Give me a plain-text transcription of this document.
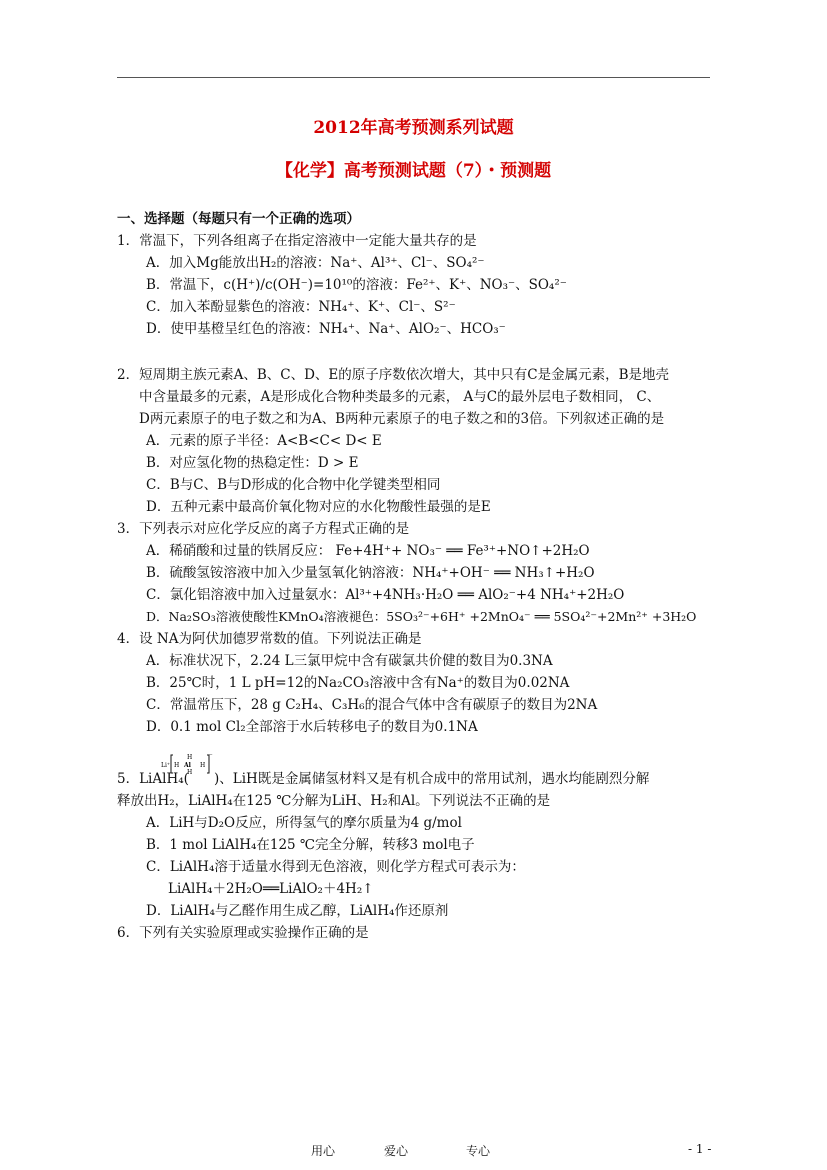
2012年高考预测系列试题
【化学】高考预测试题（7）・预测题
一、选择题（每题只有一个正确的选项）
1．常温下，下列各组离子在指定溶液中一定能大量共存的是
A．加入Mg能放出H₂的溶液：Na⁺、Al³⁺、Cl⁻、SO₄²⁻
B．常温下，c(H⁺)/c(OH⁻)=10¹⁰的溶液：Fe²⁺、K⁺、NO₃⁻、SO₄²⁻
C．加入苯酚显紫色的溶液：NH₄⁺、K⁺、Cl⁻、S²⁻
D．使甲基橙呈红色的溶液：NH₄⁺、Na⁺、AlO₂⁻、HCO₃⁻
2．短周期主族元素A、B、C、D、E的原子序数依次增大，其中只有C是金属元素，B是地壳
中含量最多的元素，A是形成化合物种类最多的元素， A与C的最外层电子数相同， C、
D两元素原子的电子数之和为A、B两种元素原子的电子数之和的3倍。下列叙述正确的是
A．元素的原子半径：A<B<C< D< E
B．对应氢化物的热稳定性：D > E
C．B与C、B与D形成的化合物中化学键类型相同
D．五种元素中最高价氧化物对应的水化物酸性最强的是E
3．下列表示对应化学反应的离子方程式正确的是
A．稀硝酸和过量的铁屑反应： Fe+4H⁺+ NO₃⁻ ══ Fe³⁺+NO↑+2H₂O
B．硫酸氢铵溶液中加入少量氢氧化钠溶液：NH₄⁺+OH⁻ ══ NH₃↑+H₂O
C．氯化铝溶液中加入过量氨水：Al³⁺+4NH₃·H₂O ══ AlO₂⁻+4 NH₄⁺+2H₂O
D．Na₂SO₃溶液使酸性KMnO₄溶液褪色：5SO₃²⁻+6H⁺ +2MnO₄⁻ ══ 5SO₄²⁻+2Mn²⁺ +3H₂O
4．设 NA为阿伏加德罗常数的值。下列说法正确是
A．标准状况下，2.24 L三氯甲烷中含有碳氯共价健的数目为0.3NA
B．25℃时，1 L pH=12的Na₂CO₃溶液中含有Na⁺的数目为0.02NA
C．常温常压下，28 g C₂H₄、C₃H₆的混合气体中含有碳原子的数目为2NA
D．0.1 mol Cl₂全部溶于水后转移电子的数目为0.1NA
5．LiAlH₄(
Li⁺
H
H Al H
H
⁻
)、LiH既是金属储氢材料又是有机合成中的常用试剂，遇水均能剧烈分解
释放出H₂，LiAlH₄在125 ℃分解为LiH、H₂和Al。下列说法不正确的是
A．LiH与D₂O反应，所得氢气的摩尔质量为4 g/mol
B．1 mol LiAlH₄在125 ℃完全分解，转移3 mol电子
C．LiAlH₄溶于适量水得到无色溶液，则化学方程式可表示为：
LiAlH₄＋2H₂O══LiAlO₂＋4H₂↑
D．LiAlH₄与乙醛作用生成乙醇，LiAlH₄作还原剂
6．下列有关实验原理或实验操作正确的是
用心	爱心	专心	- 1 -
